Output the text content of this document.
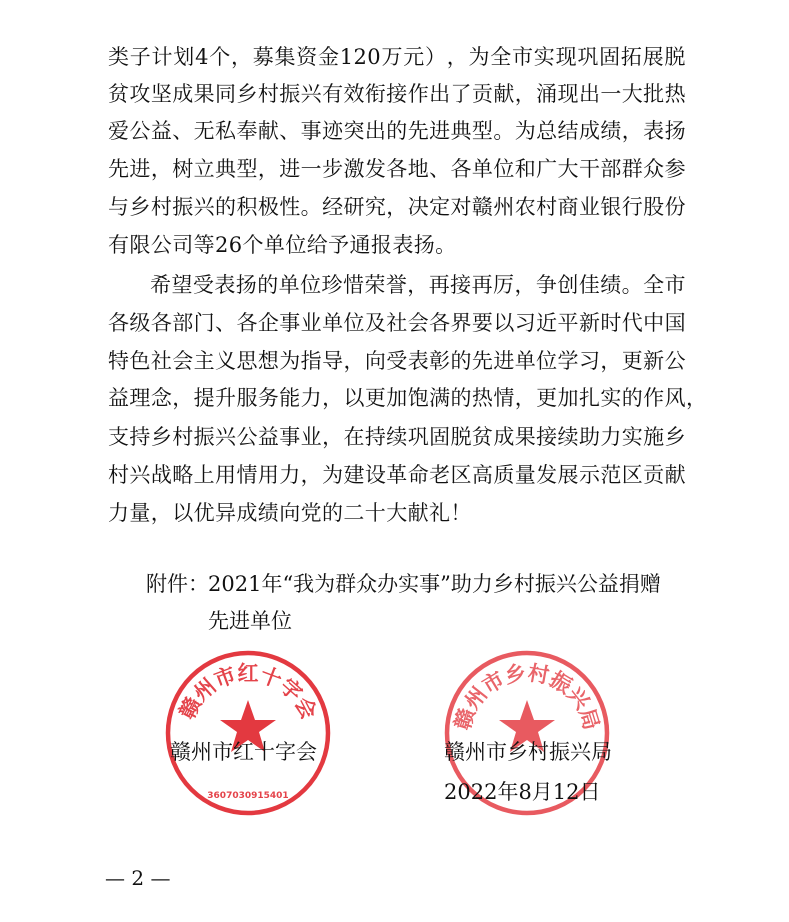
类 子 计 划 4 个 ， 募 集 资 金 120 万 元 ） ， 为 全 市 实 现 巩 固 拓 展 脱
贫 攻 坚 成 果 同 乡 村 振 兴 有 效 衔 接 作 出 了 贡 献 ， 涌 现 出 一 大 批 热
爱 公 益 、 无 私 奉 献 、 事 迹 突 出 的 先 进 典 型 。 为 总 结 成 绩 ， 表 扬
先 进 ， 树 立 典 型 ， 进 一 步 激 发 各 地 、 各 单 位 和 广 大 干 部 群 众 参
与 乡 村 振 兴 的 积 极 性 。 经 研 究 ， 决 定 对 赣 州 农 村 商 业 银 行 股 份
有限公司等26个单位给予通报表扬。
希 望 受 表 扬 的 单 位 珍 惜 荣 誉 ， 再 接 再 厉 ， 争 创 佳 绩 。 全 市
各 级 各 部 门 、 各 企 事 业 单 位 及 社 会 各 界 要 以 习 近 平 新 时 代 中 国
特 色 社 会 主 义 思 想 为 指 导 ， 向 受 表 彰 的 先 进 单 位 学 习 ， 更 新 公
益 理 念 ， 提 升 服 务 能 力 ， 以 更 加 饱 满 的 热 情 ， 更 加 扎 实 的 作 风 ，
支 持 乡 村 振 兴 公 益 事 业 ， 在 持 续 巩 固 脱 贫 成 果 接 续 助 力 实 施 乡
村 兴 战 略 上 用 情 用 力 ， 为 建 设 革 命 老 区 高 质 量 发 展 示 范 区 贡 献
力量，以优异成绩向党的二十大献礼！
附件： 2021年“我为群众办实事”助力乡村振兴公益捐赠
先进单位
赣州市红十字会
3607030915401
赣州市乡村振兴局
赣州市红十字会	赣州市乡村振兴局
2022年8月12日
— 2 —
